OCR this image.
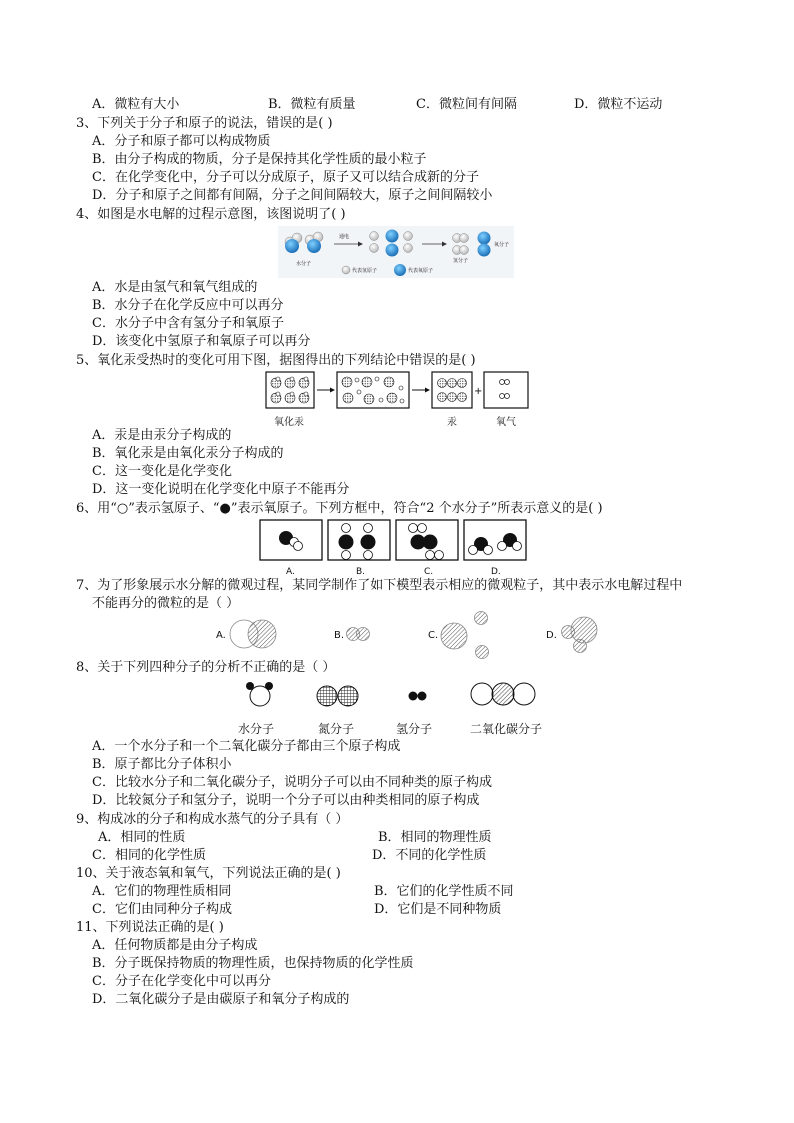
A．微粒有大小	B．微粒有质量	C．微粒间有间隔	D．微粒不运动
3、下列关于分子和原子的说法，错误的是( )
A．分子和原子都可以构成物质
B．由分子构成的物质，分子是保持其化学性质的最小粒子
C．在化学变化中，分子可以分成原子，原子又可以结合成新的分子
D．分子和原子之间都有间隔，分子之间间隔较大，原子之间间隔较小
4、如图是水电解的过程示意图，该图说明了( )
水分子
通电
氢分子
氧分子
代表氢原子	代表氧原子
A．水是由氢气和氧气组成的
B．水分子在化学反应中可以再分
C．水分子中含有氢分子和氧原子
D．该变化中氢原子和氧原子可以再分
5、氧化汞受热时的变化可用下图，据图得出的下列结论中错误的是( )
+
氧化汞	汞	氧气
A．汞是由汞分子构成的
B．氧化汞是由氧化汞分子构成的
C．这一变化是化学变化
D．这一变化说明在化学变化中原子不能再分
6、用“○”表示氢原子、“●”表示氧原子。下列方框中，符合“2 个水分子”所表示意义的是( )
A.	B.	C.	D.
7、为了形象展示水分解的微观过程，某同学制作了如下模型表示相应的微观粒子，其中表示水电解过程中
不能再分的微粒的是（ ）
A.	B.	C.	D.
8、关于下列四种分子的分析不正确的是（ ）
水分子	氮分子	氢分子	二氧化碳分子
A．一个水分子和一个二氧化碳分子都由三个原子构成
B．原子都比分子体积小
C．比较水分子和二氧化碳分子，说明分子可以由不同种类的原子构成
D．比较氮分子和氢分子，说明一个分子可以由种类相同的原子构成
9、构成冰的分子和构成水蒸气的分子具有（ ）
A．相同的性质	B．相同的物理性质
C．相同的化学性质	D．不同的化学性质
10、关于液态氧和氧气，下列说法正确的是( )
A．它们的物理性质相同	B．它们的化学性质不同
C．它们由同种分子构成	D．它们是不同种物质
11、下列说法正确的是( )
A．任何物质都是由分子构成
B．分子既保持物质的物理性质，也保持物质的化学性质
C．分子在化学变化中可以再分
D．二氧化碳分子是由碳原子和氧分子构成的
